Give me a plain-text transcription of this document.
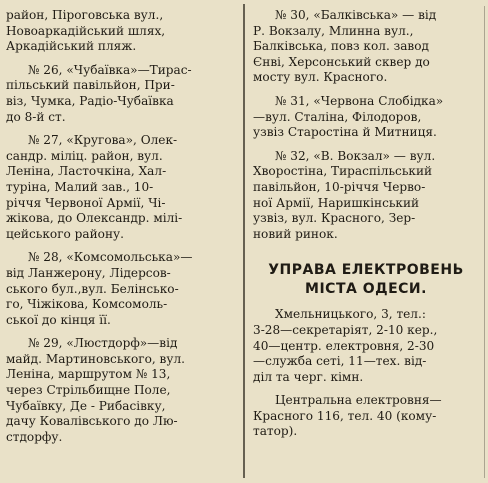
район, Піроговська вул.,
Новоаркадійський шлях,
Аркадійський пляж.
№ 26, «Чубаївка»—Тирас-
пільський павільйон, При-
віз, Чумка, Радіо-Чубаївка
до 8-й ст.
№ 27, «Кругова», Олек-
сандр. міліц. район, вул.
Леніна, Ласточкіна, Хал-
туріна, Малий зав., 10-
річчя Червоної Армії, Чі-
жікова, до Олександр. мілі-
цейського району.
№ 28, «Комсомольська»—
від Ланжерону, Лідерсов-
ського бул.,вул. Белінсько-
го, Чіжікова, Комсомоль-
ської до кінця її.
№ 29, «Люстдорф»—від
майд. Мартиновського, вул.
Леніна, маршрутом № 13,
через Стрільбищне Поле,
Чубаївку, Де - Рибасівку,
дачу Ковалівського до Лю-
стдорфу.
№ 30, «Балківська» — від
Р. Вокзалу, Млинна вул.,
Балківська, повз кол. завод
Єнві, Херсонський сквер до
мосту вул. Красного.
№ 31, «Червона Слобідка»
—вул. Сталіна, Філодоров,
узвіз Старостіна й Митниця.
№ 32, «В. Вокзал» — вул.
Хворостіна, Тираспільський
павільйон, 10-річчя Черво-
ної Армії, Наришкінський
узвіз, вул. Красного, Зер-
новий ринок.
УПРАВА ЕЛЕКТРОВЕНЬ
МІСТА ОДЕСИ.
Хмельницького, 3, тел.:
3-28—секретаріят, 2-10 кер.,
40—центр. електровня, 2-30
—служба сеті, 11—тех. від-
діл та черг. кімн.
Центральна електровня—
Красного 116, тел. 40 (кому-
татор).
